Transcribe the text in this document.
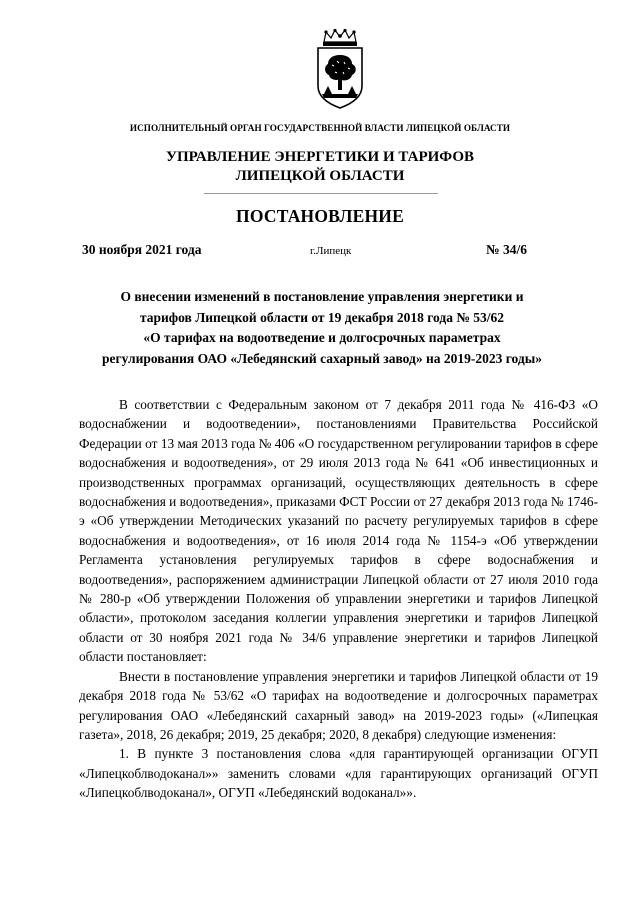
ИСПОЛНИТЕЛЬНЫЙ ОРГАН ГОСУДАРСТВЕННОЙ ВЛАСТИ ЛИПЕЦКОЙ ОБЛАСТИ
УПРАВЛЕНИЕ ЭНЕРГЕТИКИ И ТАРИФОВ
ЛИПЕЦКОЙ ОБЛАСТИ
ПОСТАНОВЛЕНИЕ
30 ноября 2021 года	г.Липецк	№ 34/6
О внесении изменений в постановление управления энергетики и
тарифов Липецкой области от 19 декабря 2018 года № 53/62
«О тарифах на водоотведение и долгосрочных параметрах
регулирования ОАО «Лебедянский сахарный завод» на 2019-2023 годы»

В соответствии с Федеральным законом от 7 декабря 2011 года № 416-ФЗ «О водоснабжении и водоотведении», постановлениями Правительства Российской Федерации от 13 мая 2013 года № 406 «О государственном регулировании тарифов в сфере водоснабжения и водоотведения», от 29 июля 2013 года № 641 «Об инвестиционных и производственных программах организаций, осуществляющих деятельность в сфере водоснабжения и водоотведения», приказами ФСТ России от 27 декабря 2013 года № 1746-э «Об утверждении Методических указаний по расчету регулируемых тарифов в сфере водоснабжения и водоотведения», от 16 июля 2014 года № 1154-э «Об утверждении Регламента установления регулируемых тарифов в сфере водоснабжения и водоотведения», распоряжением администрации Липецкой области от 27 июля 2010 года № 280-р «Об утверждении Положения об управлении энергетики и тарифов Липецкой области», протоколом заседания коллегии управления энергетики и тарифов Липецкой области от 30 ноября 2021 года № 34/6 управление энергетики и тарифов Липецкой области постановляет:

Внести в постановление управления энергетики и тарифов Липецкой области от 19 декабря 2018 года № 53/62 «О тарифах на водоотведение и долгосрочных параметрах регулирования ОАО «Лебедянский сахарный завод» на 2019-2023 годы» («Липецкая газета», 2018, 26 декабря; 2019, 25 декабря; 2020, 8 декабря) следующие изменения:

1. В пункте 3 постановления слова «для гарантирующей организации ОГУП «Липецкоблводоканал»» заменить словами «для гарантирующих организаций ОГУП «Липецкоблводоканал», ОГУП «Лебедянский водоканал»».
